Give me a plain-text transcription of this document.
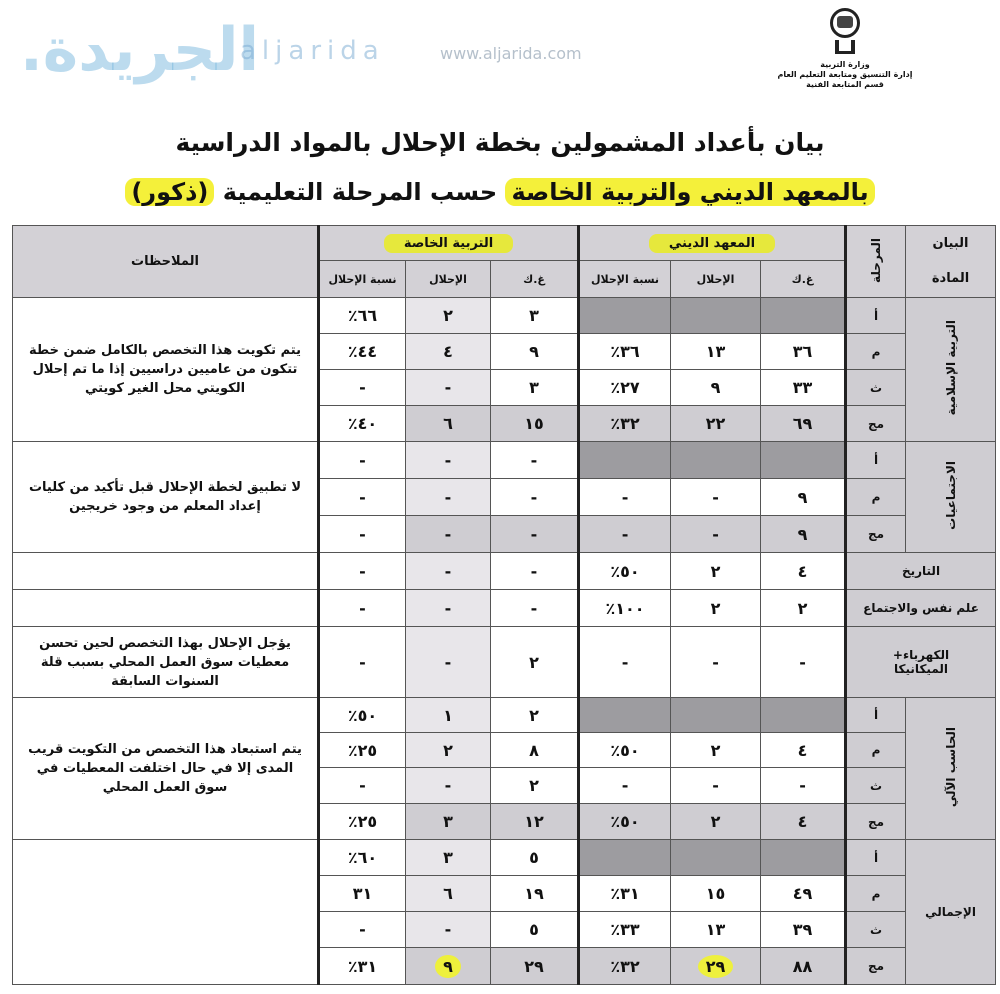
وزارة التربية
إدارة التنسيق ومتابعة التعليم العام
قسم المتابعة الفنية
بيان بأعداد المشمولين بخطة الإحلال بالمواد الدراسية
بالمعهد الديني والتربية الخاصة حسب المرحلة التعليمية (ذكور)
البيان	المرحلة	المعهد الديني			التربية الخاصة			الملاحظات
المادة		غ.ك	الإحلال	نسبة الإحلال	غ.ك	الإحلال	نسبة الإحلال	
التربية الإسلامية	أ				٣	٢	٦٦٪	يتم تكويت هذا التخصص بالكامل ضمن خطة تتكون من عاميين دراسيين إذا ما تم إحلال الكويتي محل الغير كويتي
	م	٣٦	١٣	٣٦٪	٩	٤	٤٤٪	
	ث	٣٣	٩	٢٧٪	٣	-	-	
	مج	٦٩	٢٢	٣٢٪	١٥	٦	٤٠٪	
الاجتماعيات	أ				-	-	-	لا تطبيق لخطة الإحلال قبل تأكيد من كليات إعداد المعلم من وجود خريجين
	م	٩	-	-	-	-	-	
	مج	٩	-	-	-	-	-	
التاريخ		٤	٢	٥٠٪	-	-	-	
علم نفس والاجتماع		٢	٢	١٠٠٪	-	-	-	

الكهرباء+
الميكانيكا		-	-	-	٢	-	-	يؤجل الإحلال بهذا التخصص لحين تحسن معطيات سوق العمل المحلي بسبب قلة السنوات السابقة
الحاسب الآلي	أ				٢	١	٥٠٪	يتم استبعاد هذا التخصص من التكويت قريب المدى إلا في حال اختلفت المعطيات في سوق العمل المحلي
	م	٤	٢	٥٠٪	٨	٢	٢٥٪	
	ث	-	-	-	٢	-	-	
	مج	٤	٢	٥٠٪	١٢	٣	٢٥٪	
الإجمالي	أ				٥	٣	٦٠٪	
	م	٤٩	١٥	٣١٪	١٩	٦	٣١	
	ث	٣٩	١٣	٣٣٪	٥	-	-	
	مج	٨٨	٢٩	٣٢٪	٢٩	٩	٣١٪	
الجريدة.
aljarida	www.aljarida.com
